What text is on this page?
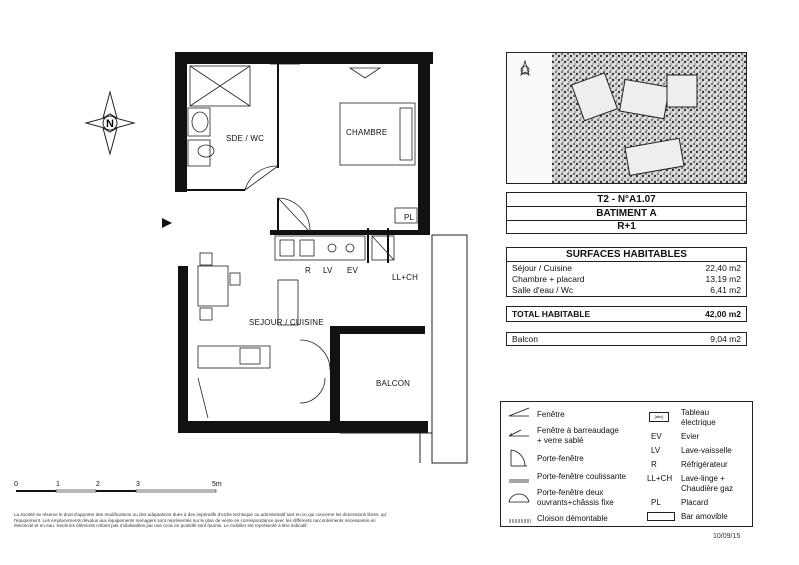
N
SDE / WC
CHAMBRE
PL
R LV EV
LL+CH
SEJOUR / CUISINE
BALCON
0	1	2	3	5m
La société se réserve le droit d'apporter des modifications ou des adaptations dues à des impératifs d'ordre technique ou administratif tant en ce qui concerne les dimensions libres, qu'
l'équipement. Les emplacements dévolus aux équipements ménagers sont représentés sur le plan de vente en correspondance avec les différents raccordements nécessaires en
électricité et en eau. Seuls les éléments n'étant pas mobilisables par une croix en pointillé sont fournis. Le mobilier est représenté à titre indicatif.
T2 - N°A1.07
BATIMENT A
R+1
SURFACES HABITABLES
Séjour / Cuisine	22,40 m2
Chambre + placard	13,19 m2
Salle d'eau / Wc	6,41 m2
TOTAL HABITABLE	42,00 m2
Balcon	9,04 m2
Fenêtre
Fenêtre à barreaudage
+ verre sablé
Porte-fenêtre
Porte-fenêtre coulissante
Porte-fenêtre deux
ouvrants+châssis fixe
Cloison démontable
[abc]	Tableau
électrique
EV Evier
LV	Lave-vaisselle
R	Réfrigérateur
LL+CH Lave-linge +
Chaudière gaz
PL	Placard
Bar amovible
10/09/15
